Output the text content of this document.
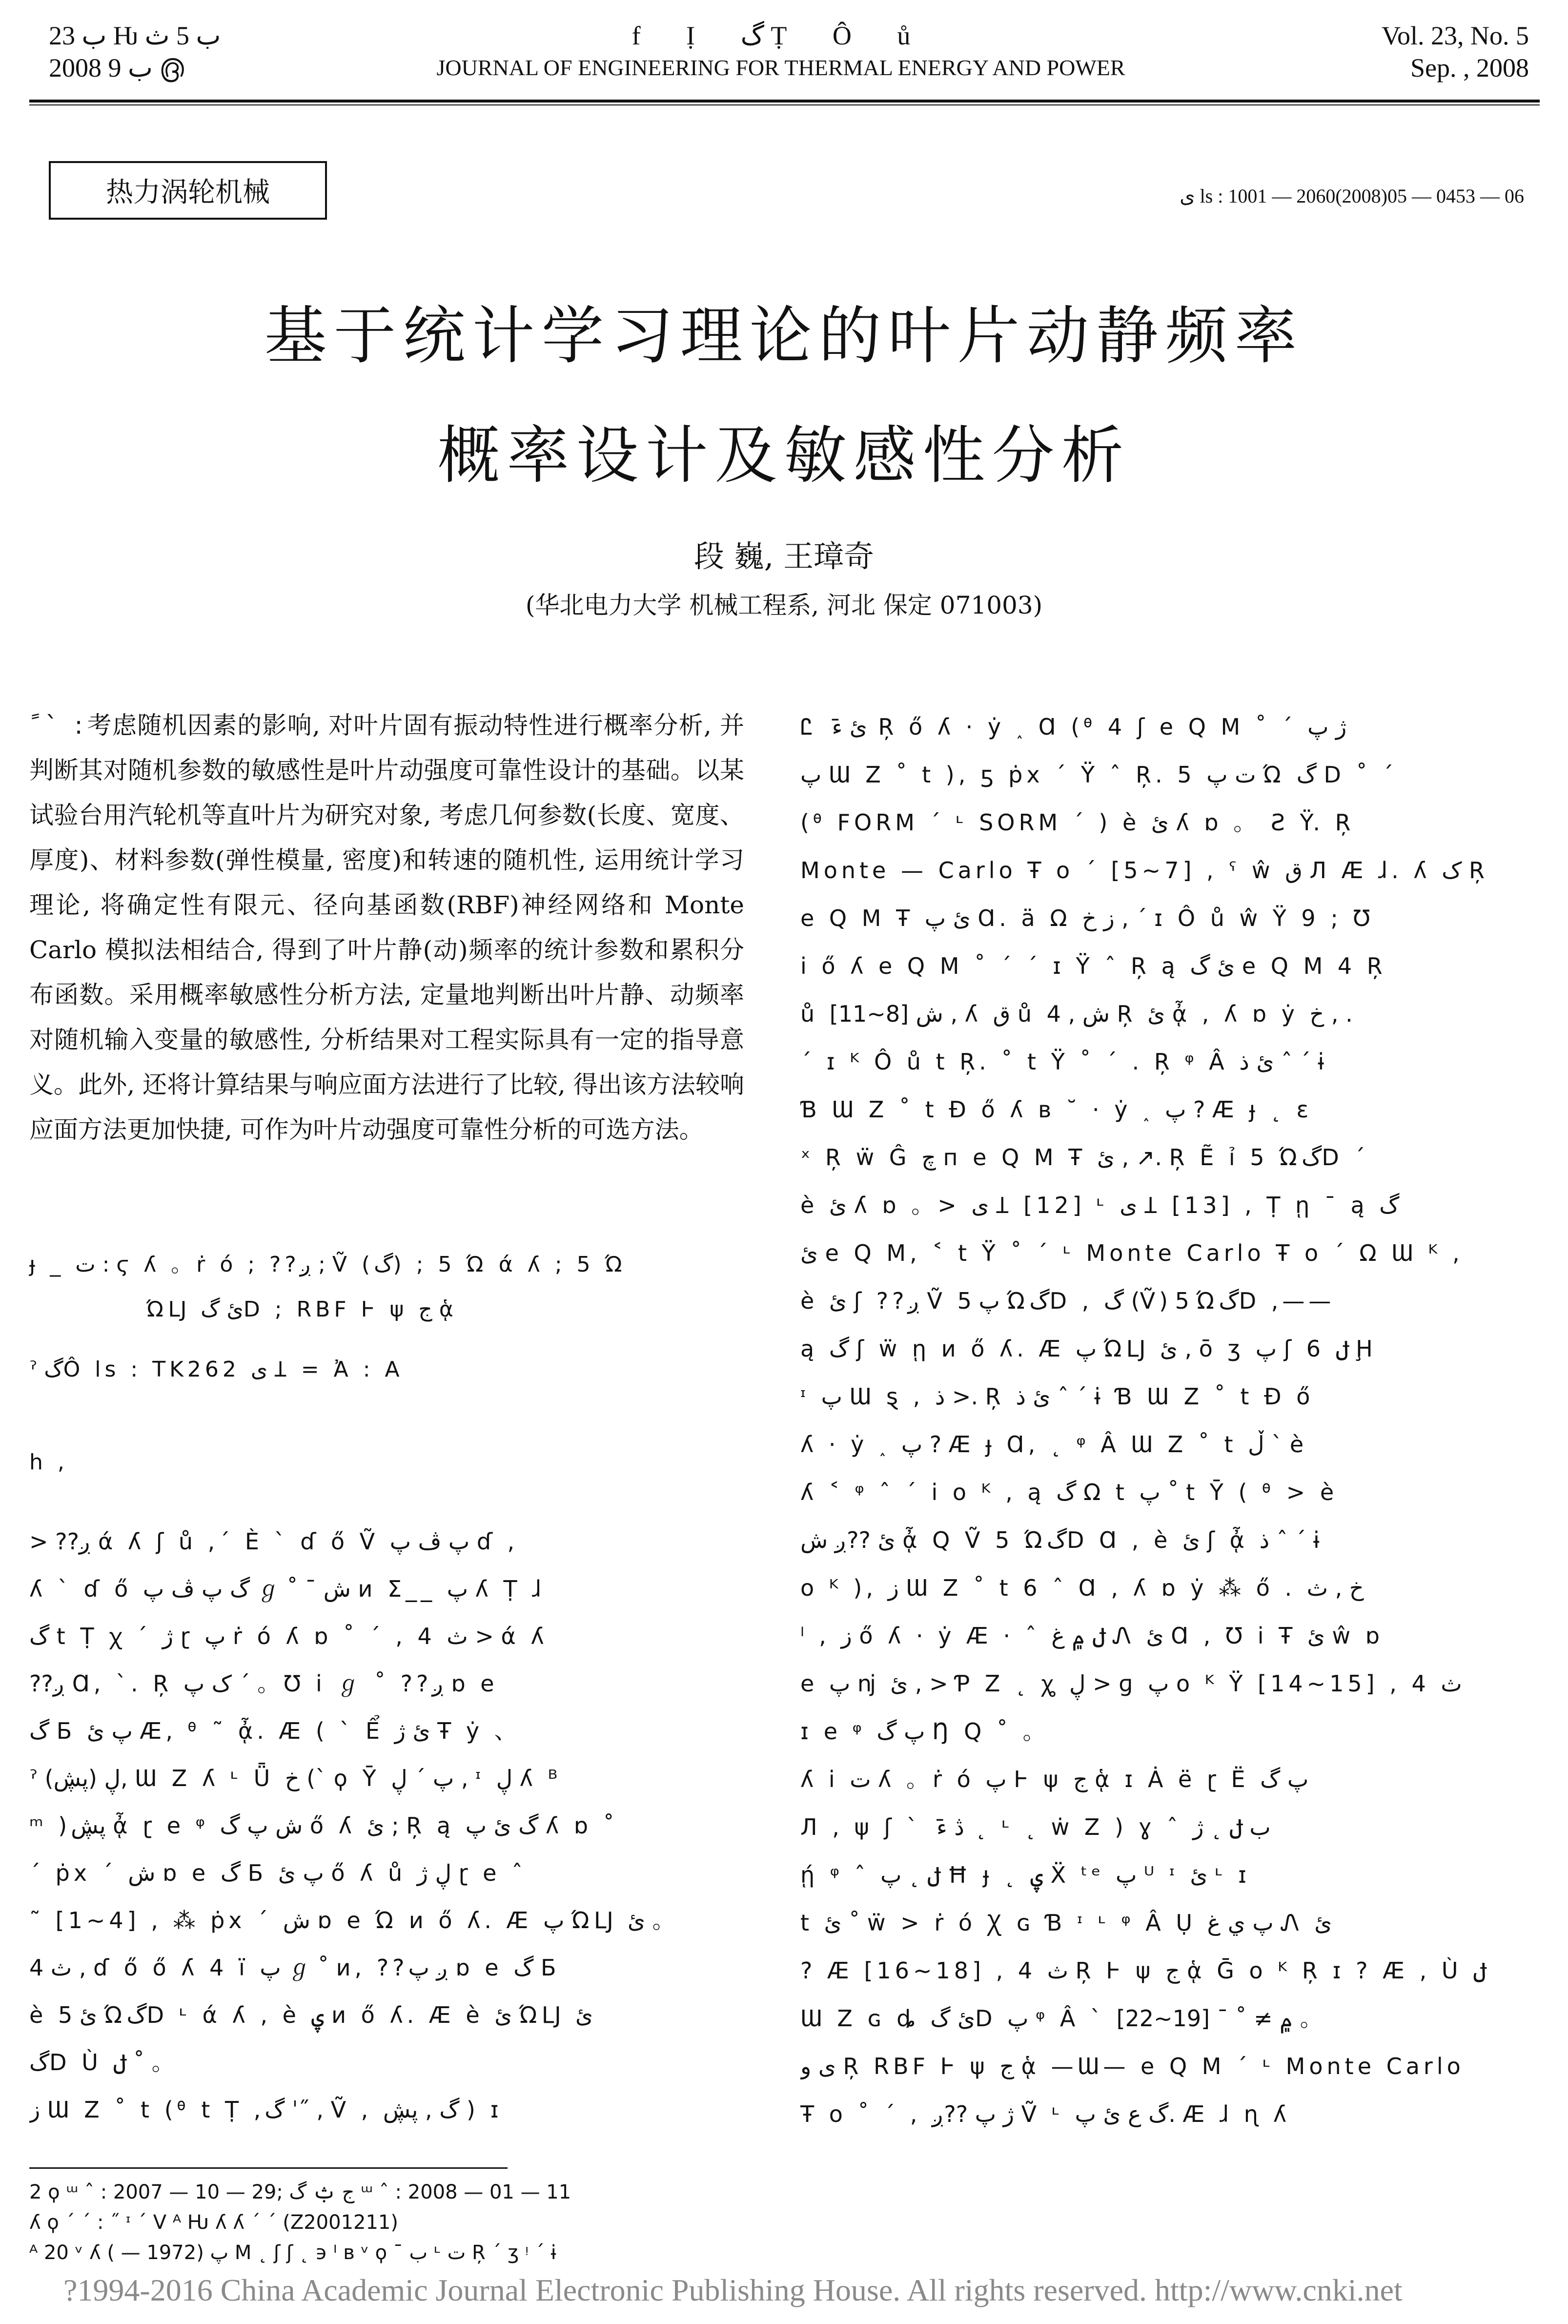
ب 23 Ƕ ب 5 ث
2008 ب 9 ൫
f Ị گ Ṭ Ô ů
JOURNAL OF ENGINEERING FOR THERMAL ENERGY AND POWER
Vol. 23, No. 5
Sep. , 2008
热力涡轮机械	ى ls : 1001 — 2060(2008)05 — 0453 — 06
基于统计学习理论的叶片动静频率
概率设计及敏感性分析
段 巍, 王璋奇
(华北电力大学 机械工程系, 河北 保定 071003)
ً ˋ :考虑随机因素的影响, 对叶片固有振动特性进行概率分析, 并判断其对随机参数的敏感性是叶片动强度可靠性设计的基础。以某试验台用汽轮机等直叶片为研究对象, 考虑几何参数(长度、宽度、厚度)、材料参数(弹性模量, 密度)和转速的随机性, 运用统计学习理论, 将确定性有限元、径向基函数(RBF)神经网络和 Monte Carlo 模拟法相结合, 得到了叶片静(动)频率的统计参数和累积分布函数。采用概率敏感性分析方法, 定量地判断出叶片静、动频率对随机输入变量的敏感性, 分析结果对工程实际具有一定的指导意义。此外, 还将计算结果与响应面方法进行了比较, 得出该方法较响应面方法更加快捷, 可作为叶片动强度可靠性分析的可选方法。
ɟ _ ت : ϛ ʎ 。ṙ ó ; ??ږ ; Ṽ (گ) ; 5 Ώ ά ʎ ; 5 Ώ
ΏǇ ئ گD ; RBF Ͱ ψ ج ᾁ
ˀ گÔ ls : TK262 ى Ʇ = Ἀ : A
h ,
> ??ږ ά ʎ ʃ ů ,ˊ È ˋ ɗ ő Ṽ پ ڤ پ ɗ ,
ʎ ˋ ɗ ő گ پ ڤ پ ℊ ˚ ˉ ش ͷ Σ__ پ ʎ Ṭ ɺ
گ t Ṭ ꭓ ˊ ژ ɽ پ ṙ ó ʎ ɒ ˚ ´ , 4 ث > ά ʎ
??ږ Ɑ, ˋ. Ŗ ک پ ´ 。Ʊ i ℊ ˚ ??ږ ɒ e
گ Ƃ پ ئ Æ, ᶿ ˜ ᾆ. Æ ( ˋ Ể ئ ژ Ŧ ẏ 、
ˀ ڸ (پڜ), Ɯ Z ʎ ᶫ Ǖ خ (ˋ ϙ Ȳ پ ˊ ڸ , ᶦ ڸ ʎ ᴮ
ᵐ )پڜ ᾆ ɽ e ᵠ ش پ گ ő ʎ ئ ; Ŗ ą گ ئ پ ʎ ɒ ˚
´ ṗx ´ ش ɒ e گ Ƃ پ ئ ő ʎ ů ڸ ژ ɽ e ˆ
˜ [1~4] , ⁂ ṗx ´ ش ɒ e Ώ ͷ ő ʎ. Æ پ ΏǇ ئ 。
4 ث , ɗ ő ő ʎ 4 ï پ ℊ ˚ ͷ, ??ږ پ ɒ e گ Ƃ
è ئ 5 ΏگD ᶫ ά ʎ , è ۑ ͷ ő ʎ. Æ è ئ ΏǇ ئ
گD Ù ݪ ˚ 。
ز Ɯ Z ˚ t (ᶿ t Ṭ ,گ ˈ˝ , Ṽ , گ , پڜ ) ɪ
Ꮭ ئ ءֿ Ŗ ő ʎ · ẏ ˰ Ɑ (ᶿ 4 ʃ e Q M ˚ ´ ژ پ
پ Ɯ Z ˚ t ), ƽ ṗx ´ Ÿ ˆ Ŗ. 5 ت پ Ώ گ D ˚ ´
(ᶿ FORM ´ ᶫ SORM ´ ) è ئ ʎ ɒ 。 Ƨ Ÿ. Ŗ
Monte — Carlo Ŧ o ´ [5~7] , ˁ ŵ ق Л Æ ɺ. ʎ ک Ŗ
e Q M Ŧ ئ پ Ɑ. ä Ω ز خ , ˊ ɪ Ô ů ŵ Ÿ 9 ; Ʊ
i ő ʎ e Q M ˚ ´ ˊ ɪ Ÿ ˆ Ŗ ą ئ گ e Q M 4 Ŗ
ů ش [8~11] , ʎ ق ů ش , 4 Ŗ ئ ᾆ , ʎ ɒ ẏ خ , .
ˊ ɪ ᴷ Ô ů t Ŗ. ˚ t Ÿ ˚ ´ . Ŗ ᵠ Â ئ ذ ˆ ˊ ɨ
Ɓ Ɯ Z ˚ t Ɖ ő ʎ ʙ ˘ · ẏ ˰ پ ? Æ ɟ ˛ ɛ
ˣ Ŗ ẅ Ĝ چ п e Q M Ŧ ئ , ↗. Ŗ Ẽ ỉ 5 ΏگD ´
è ئ ʎ ɒ 。> ى Ʇ [12] ᶫ ى Ʇ [13] , Ṭ ῃ ˉ ą گ
ئ e Q M, ˂ t Ÿ ˚ ´ ᶫ Monte Carlo Ŧ o ´ Ω Ɯ ᴷ ,
è ئ ʃ ??ږ Ṽ پ 5 ΏگD , گ (Ṽ) 5 ΏگD ,——
ą گ ʃ ẅ ῃ ͷ ő ʎ. Æ پ ΏǇ ئ , ō ʒ پ ʃ 6 ݪ Ḩ
ᶦ پ Ɯ ȿ , ذ >. Ŗ ئ ذ ˆ ˊ ɨ Ɓ Ɯ Z ˚ t Ɖ ő
ʎ · ẏ ˰ پ ? Æ ɟ Ɑ, ˛ ᵠ Â Ɯ Z ˚ t ڵ ˋ è
ʎ ˂ ᵠ ˆ ˊ i o ᴷ , ą گ Ω t پ ˚ t Ȳ ( ᶿ > è
ئ ??ږ ش ᾆ Q Ṽ 5 ΏگD Ɑ , è ئ ʃ ᾆ ذ ˆ ˊ ɨ
o ᴷ ), ز Ɯ Z ˚ t 6 ˆ Ɑ , ʎ ɒ ẏ ⁂ ő . خ , ث
ˡ , ز ő ʎ · ẏ Æ · ˆ ݪ ۾ غ Ꮑ ئ Ɑ , Ʊ i Ŧ ئ ŵ ɒ
e پ ǌ ئ , > Ƥ Z ˛ ꭔ ڸ > ɡ پ o ᴷ Ÿ [14~15] , 4 ث
ɪ e ᵠ پ گ Ŋ Q ˚ 。
ʎ i ت ʎ 。ṙ ó پ Ͱ ψ ج ᾁ ɪ Ȧ ë ɽ Ë پ گ
Л , ψ ʃ ˋ ڎ ءֿ ˛ ᶫ ˛ ẇ Z ) ɣ ˆ ب ݪ ˛ ژ
ῄ ᵠ ˆ ݪ ˛ پ Ħ ɟ ˛ ۑ Ẍ ᵗᵉ پ ᵁ ᶦ ئ ᶫ ɪ
t ئ ˚ ẅ > ṙ ó Ꭓ ɢ Ɓ ᶦ ᶫ ᵠ Â Ụ پ ي غ Ꮑ ئ
? Æ [16~18] , 4 ث Ŗ Ͱ ψ ج ᾁ Ḡ o ᴷ Ŗ ɪ ? Æ , Ù ݪ
Ɯ Z ɢ ȡ ئ گD پ ᵠ Â ˋ ۾ ≠ ˚ ˉ [19~22] 。
ى و Ŗ RBF Ͱ ψ ج ᾁ —Ɯ— e Q M ´ ᶫ Monte Carlo
Ŧ o ˚ ´ , ژ پ ??ږ Ṽ ᶫ گ ع ئ پ. Æ ɺ ɳ ʎ
2 ϙ ᵚ ˆ : 2007 — 10 — 29; ج ݑ گ ᵚ ˆ : 2008 — 01 — 11
ʎ ϙ ˊ ˊ : ˝ ᶦ ˊ V ᴬ Ƕ ʎ ʎ ˊ ˊ (Z2001211)
ᴬ 20 ᵛ ʎ پ (1972 — ) M ˛ ʃ ʃ ˛ ϶ ᴵ ʙ ᵛ ϙ ˉ ب ᶫ ت Ŗ ´ ʒ ᵎ ˊ ɨ
?1994-2016 China Academic Journal Electronic Publishing House. All rights reserved. http://www.cnki.net
